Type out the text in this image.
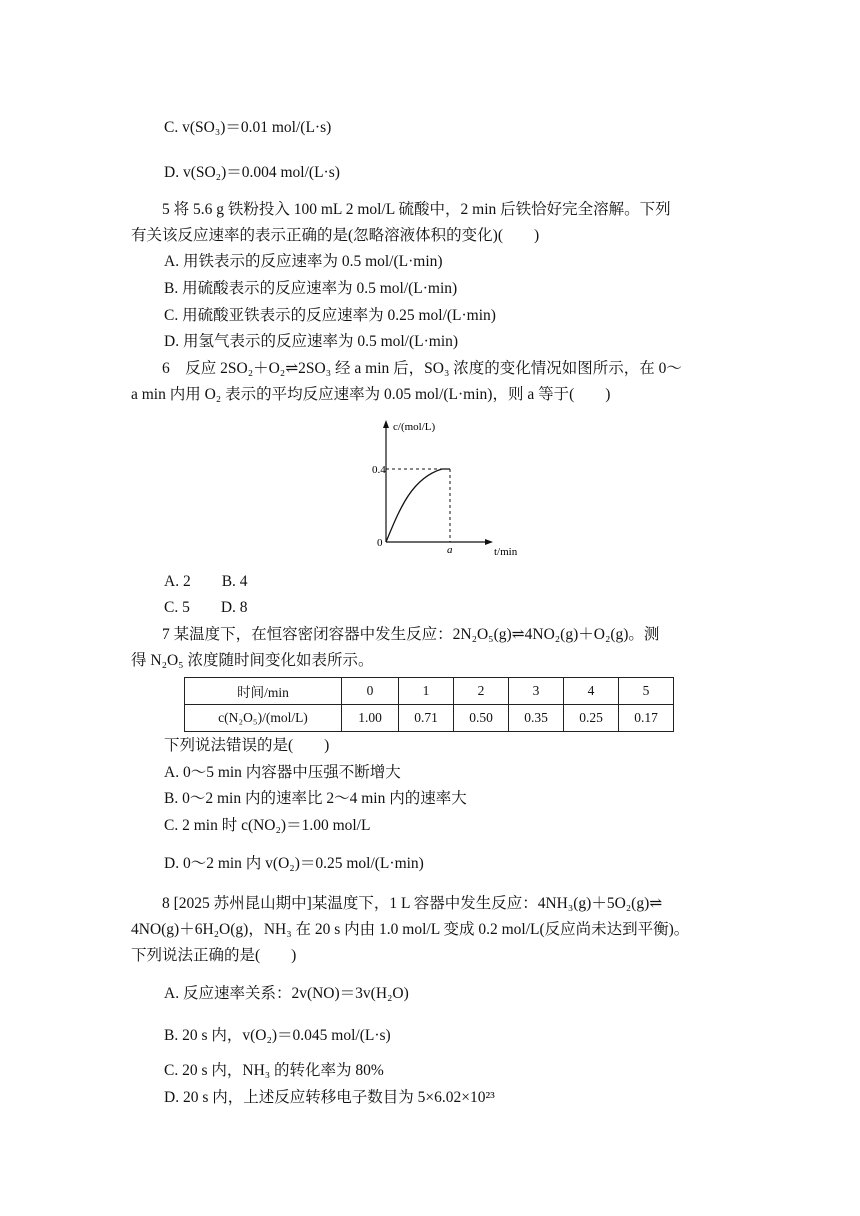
C. v(SO₃)＝0.01 mol/(L·s)
D. v(SO₂)＝0.004 mol/(L·s)
5 将 5.6 g 铁粉投入 100 mL 2 mol/L 硫酸中，2 min 后铁恰好完全溶解。下列
有关该反应速率的表示正确的是(忽略溶液体积的变化)(　　)
A. 用铁表示的反应速率为 0.5 mol/(L·min)
B. 用硫酸表示的反应速率为 0.5 mol/(L·min)
C. 用硫酸亚铁表示的反应速率为 0.25 mol/(L·min)
D. 用氢气表示的反应速率为 0.5 mol/(L·min)
6　反应 2SO₂＋O₂⇌2SO₃ 经 a min 后，SO₃ 浓度的变化情况如图所示，在 0～
a min 内用 O₂ 表示的平均反应速率为 0.05 mol/(L·min)，则 a 等于(　　)
c/(mol/L)
0.4
0
a	t/min
A. 2　　B. 4
C. 5　　D. 8
7 某温度下，在恒容密闭容器中发生反应：2N₂O₅(g)⇌4NO₂(g)＋O₂(g)。测
得 N₂O₅ 浓度随时间变化如表所示。
时间/min	0	1	2	3	4	5
c(N₂O₅)/(mol/L)	1.00	0.71	0.50	0.35	0.25	0.17
下列说法错误的是(　　)
A. 0～5 min 内容器中压强不断增大
B. 0～2 min 内的速率比 2～4 min 内的速率大
C. 2 min 时 c(NO₂)＝1.00 mol/L
D. 0～2 min 内 v(O₂)＝0.25 mol/(L·min)
8 [2025 苏州昆山期中]某温度下，1 L 容器中发生反应：4NH₃(g)＋5O₂(g)⇌
4NO(g)＋6H₂O(g)，NH₃ 在 20 s 内由 1.0 mol/L 变成 0.2 mol/L(反应尚未达到平衡)。
下列说法正确的是(　　)
A. 反应速率关系：2v(NO)＝3v(H₂O)
B. 20 s 内，v(O₂)＝0.045 mol/(L·s)
C. 20 s 内，NH₃ 的转化率为 80%
D. 20 s 内，上述反应转移电子数目为 5×6.02×10²³
